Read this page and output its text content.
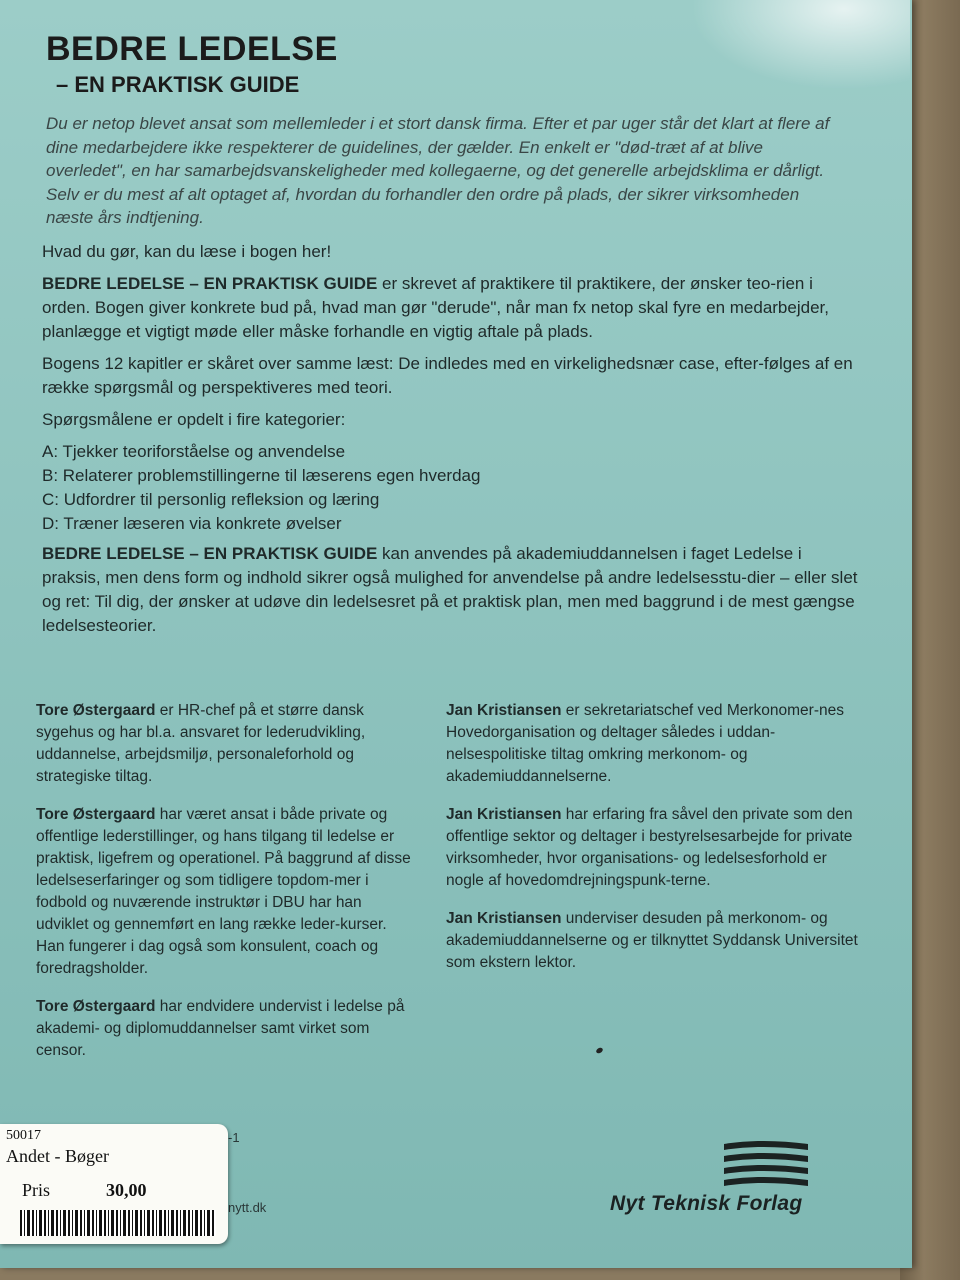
BEDRE LEDELSE
– EN PRAKTISK GUIDE
Du er netop blevet ansat som mellemleder i et stort dansk firma. Efter et par uger står det klart at flere af dine medarbejdere ikke respekterer de guidelines, der gælder. En enkelt er "død-træt af at blive overledet", en har samarbejdsvanskeligheder med kollegaerne, og det generelle arbejdsklima er dårligt. Selv er du mest af alt optaget af, hvordan du forhandler den ordre på plads, der sikrer virksomheden næste års indtjening.

Hvad du gør, kan du læse i bogen her!

BEDRE LEDELSE – EN PRAKTISK GUIDE er skrevet af praktikere til praktikere, der ønsker teo-rien i orden. Bogen giver konkrete bud på, hvad man gør "derude", når man fx netop skal fyre en medarbejder, planlægge et vigtigt møde eller måske forhandle en vigtig aftale på plads.

Bogens 12 kapitler er skåret over samme læst: De indledes med en virkelighedsnær case, efter-følges af en række spørgsmål og perspektiveres med teori.

Spørgsmålene er opdelt i fire kategorier:

A: Tjekker teoriforståelse og anvendelse
B: Relaterer problemstillingerne til læserens egen hverdag
C: Udfordrer til personlig refleksion og læring
D: Træner læseren via konkrete øvelser

BEDRE LEDELSE – EN PRAKTISK GUIDE kan anvendes på akademiuddannelsen i faget Ledelse i praksis, men dens form og indhold sikrer også mulighed for anvendelse på andre ledelsesstu-dier – eller slet og ret: Til dig, der ønsker at udøve din ledelsesret på et praktisk plan, men med baggrund i de mest gængse ledelsesteorier.

Tore Østergaard er HR-chef på et større dansk sygehus og har bl.a. ansvaret for lederudvikling, uddannelse, arbejdsmiljø, personaleforhold og strategiske tiltag.

Tore Østergaard har været ansat i både private og offentlige lederstillinger, og hans tilgang til ledelse er praktisk, ligefrem og operationel. På baggrund af disse ledelseserfaringer og som tidligere topdom-mer i fodbold og nuværende instruktør i DBU har han udviklet og gennemført en lang række leder-kurser. Han fungerer i dag også som konsulent, coach og foredragsholder.

Tore Østergaard har endvidere undervist i ledelse på akademi- og diplomuddannelser samt virket som censor.

Jan Kristiansen er sekretariatschef ved Merkonomer-nes Hovedorganisation og deltager således i uddan-nelsespolitiske tiltag omkring merkonom- og akademiuddannelserne.

Jan Kristiansen har erfaring fra såvel den private som den offentlige sektor og deltager i bestyrelsesarbejde for private virksomheder, hvor organisations- og ledelsesforhold er nogle af hovedomdrejningspunk-terne.

Jan Kristiansen underviser desuden på merkonom- og akademiuddannelserne og er tilknyttet Syddansk Universitet som ekstern lektor.

-1
nytt.dk	Nyt Teknisk Forlag
50017
Andet - Bøger
Pris	30,00
